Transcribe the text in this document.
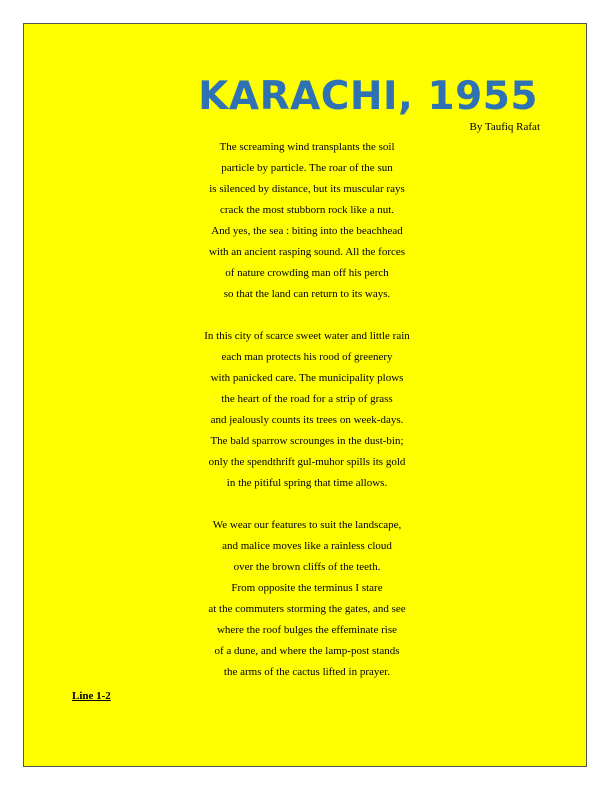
KARACHI, 1955

By Taufiq Rafat

The screaming wind transplants the soil
particle by particle. The roar of the sun
is silenced by distance, but its muscular rays
crack the most stubborn rock like a nut.
And yes, the sea : biting into the beachhead
with an ancient rasping sound. All the forces
of nature crowding man off his perch
so that the land can return to its ways.
In this city of scarce sweet water and little rain
each man protects his rood of greenery
with panicked care. The municipality plows
the heart of the road for a strip of grass
and jealously counts its trees on week-days.
The bald sparrow scrounges in the dust-bin;
only the spendthrift gul-muhor spills its gold
in the pitiful spring that time allows.
We wear our features to suit the landscape,
and malice moves like a rainless cloud
over the brown cliffs of the teeth.
From opposite the terminus I stare
at the commuters storming the gates, and see
where the roof bulges the effeminate rise
of a dune, and where the lamp-post stands
the arms of the cactus lifted in prayer.

Line 1-2
